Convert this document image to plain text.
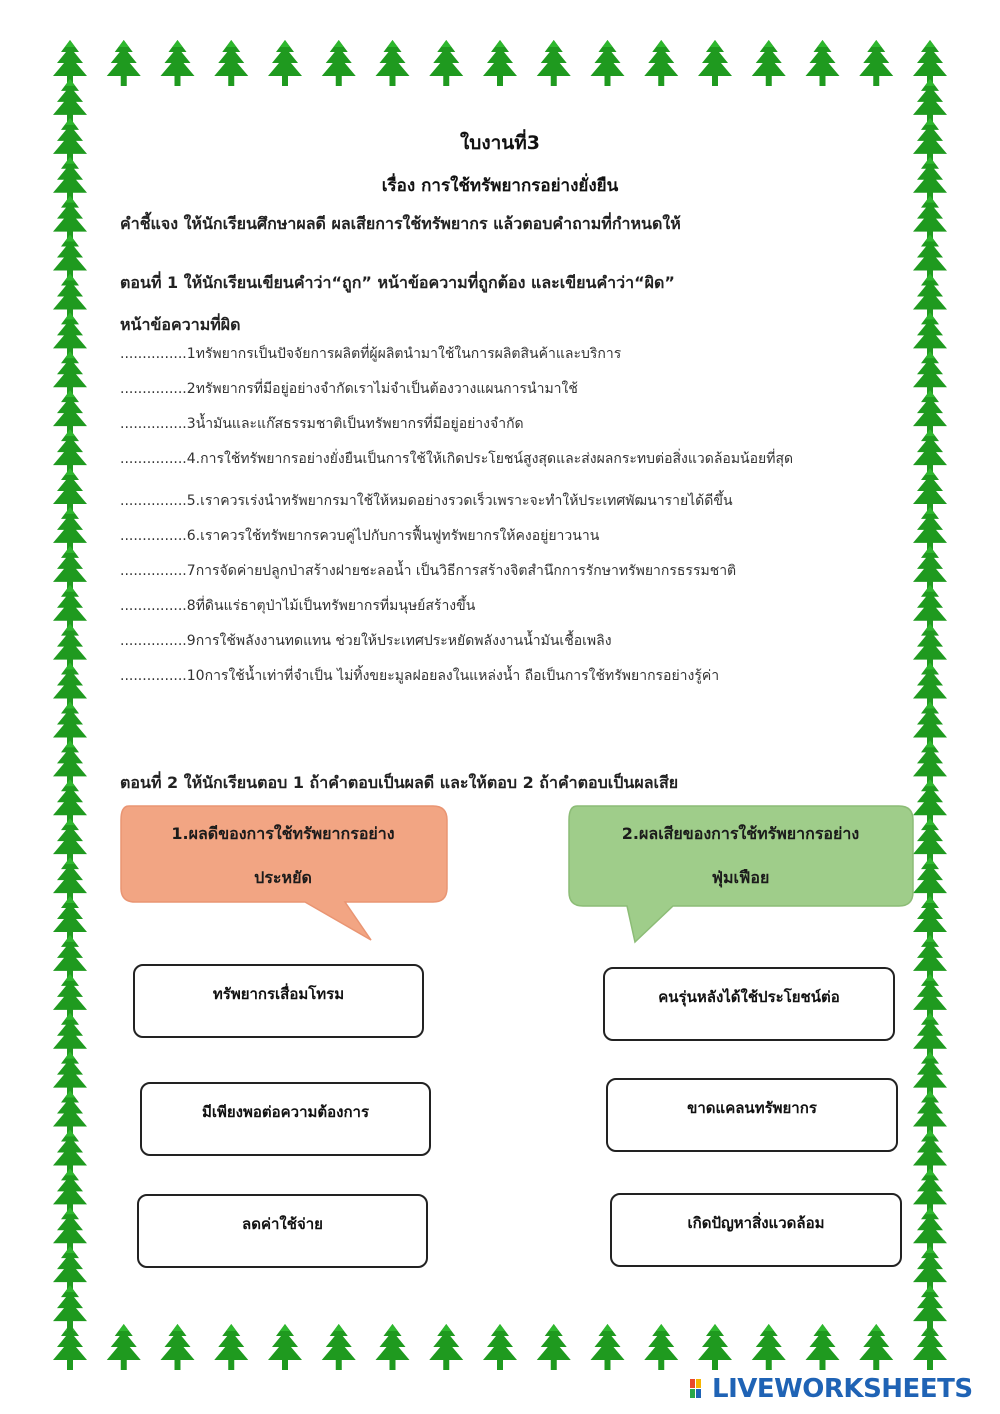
ใบงานที่3
เรื่อง การใช้ทรัพยากรอย่างยั่งยืน
คำชี้แจง ให้นักเรียนศึกษาผลดี ผลเสียการใช้ทรัพยากร แล้วตอบคำถามที่กำหนดให้
ตอนที่ 1 ให้นักเรียนเขียนคำว่า“ถูก” หน้าข้อความที่ถูกต้อง และเขียนคำว่า“ผิด”
หน้าข้อความที่ผิด
............... 1 ทรัพยากรเป็นปัจจัยการผลิตที่ผู้ผลิตนำมาใช้ในการผลิตสินค้าและบริการ
............... 2 ทรัพยากรที่มีอยู่อย่างจำกัดเราไม่จำเป็นต้องวางแผนการนำมาใช้
............... 3 น้ำมันและแก๊สธรรมชาติเป็นทรัพยากรที่มีอยู่อย่างจำกัด
............... 4. การใช้ทรัพยากรอย่างยั่งยืนเป็นการใช้ให้เกิดประโยชน์สูงสุดและส่งผลกระทบต่อสิ่งแวดล้อมน้อยที่สุด
............... 5. เราควรเร่งนำทรัพยากรมาใช้ให้หมดอย่างรวดเร็วเพราะจะทำให้ประเทศพัฒนารายได้ดีขึ้น
............... 6. เราควรใช้ทรัพยากรควบคู่ไปกับการฟื้นฟูทรัพยากรให้คงอยู่ยาวนาน
............... 7 การจัดค่ายปลูกป่าสร้างฝายชะลอน้ำ เป็นวิธีการสร้างจิตสำนึกการรักษาทรัพยากรธรรมชาติ
............... 8 ที่ดินแร่ธาตุป่าไม้เป็นทรัพยากรที่มนุษย์สร้างขึ้น
............... 9 การใช้พลังงานทดแทน ช่วยให้ประเทศประหยัดพลังงานน้ำมันเชื้อเพลิง
............... 10 การใช้น้ำเท่าที่จำเป็น ไม่ทิ้งขยะมูลฝอยลงในแหล่งน้ำ ถือเป็นการใช้ทรัพยากรอย่างรู้ค่า
ตอนที่ 2 ให้นักเรียนตอบ 1 ถ้าคำตอบเป็นผลดี และให้ตอบ 2 ถ้าคำตอบเป็นผลเสีย
1.ผลดีของการใช้ทรัพยากรอย่าง
ประหยัด
2.ผลเสียของการใช้ทรัพยากรอย่าง
ฟุ่มเฟือย
ทรัพยากรเสื่อมโทรม
มีเพียงพอต่อความต้องการ
ลดค่าใช้จ่าย
คนรุ่นหลังได้ใช้ประโยชน์ต่อ
ขาดแคลนทรัพยากร
เกิดปัญหาสิ่งแวดล้อม
LIVEWORKSHEETS
